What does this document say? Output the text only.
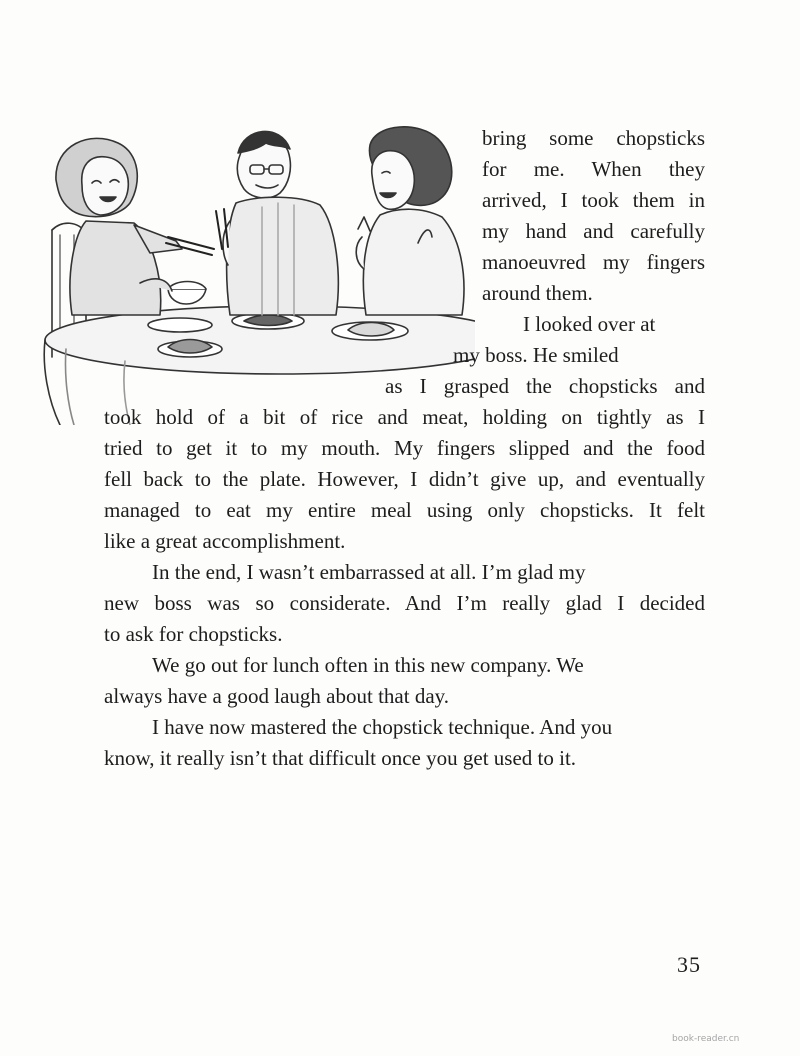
bring some chopsticks
for me. When they
arrived, I took them in
my hand and carefully
manoeuvred my fingers
around them.
I looked over at
my boss. He smiled
as I grasped the chopsticks and
took hold of a bit of rice and meat, holding on tightly as I
tried to get it to my mouth. My fingers slipped and the food
fell back to the plate. However, I didn’t give up, and eventually
managed to eat my entire meal using only chopsticks. It felt
like a great accomplishment.
In the end, I wasn’t embarrassed at all. I’m glad my
new boss was so considerate. And I’m really glad I decided
to ask for chopsticks.
We go out for lunch often in this new company. We
always have a good laugh about that day.
I have now mastered the chopstick technique. And you
know, it really isn’t that difficult once you get used to it.
35
book-reader.cn
